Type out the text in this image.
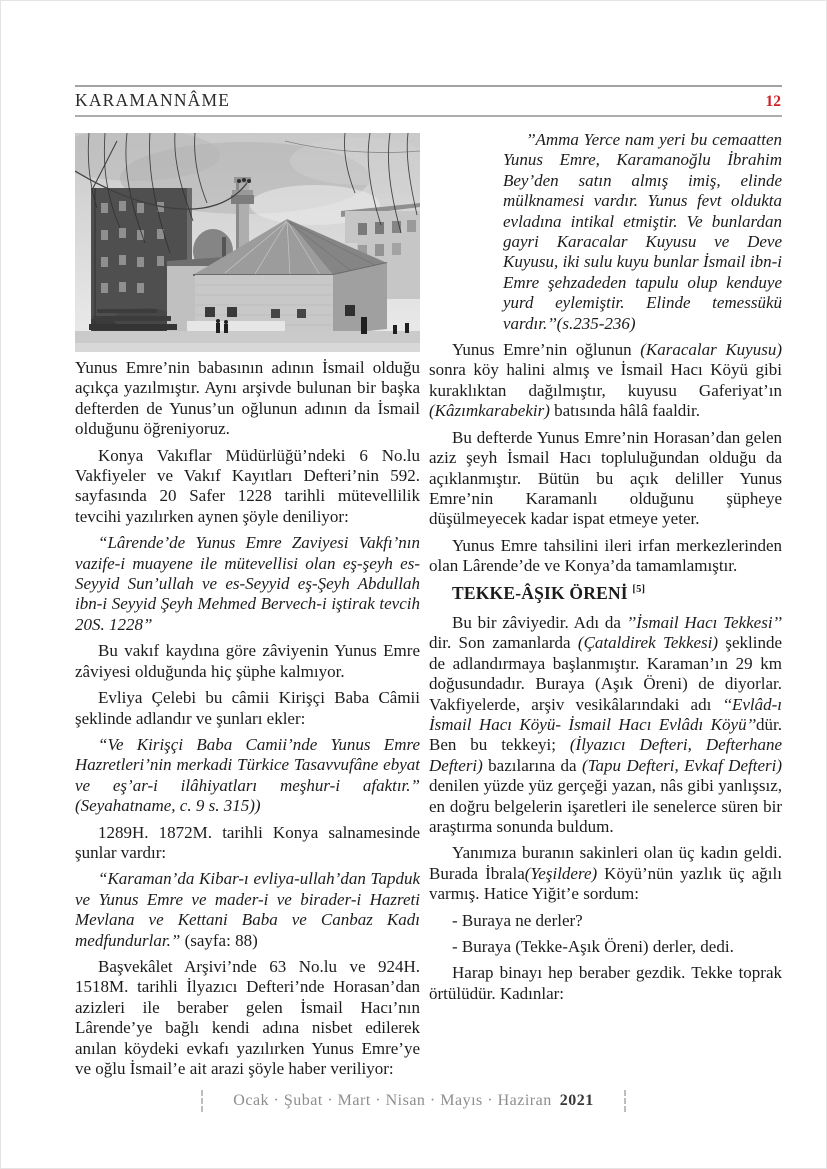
KARAMANNÂME	12

Yunus Emre’nin babasının adının İsmail olduğu açıkça yazılmıştır. Aynı arşivde bulunan bir başka defterden de Yunus’un oğlunun adının da İsmail olduğunu öğreniyoruz.

Konya Vakıflar Müdürlüğü’ndeki 6 No.lu Vakfiyeler ve Vakıf Kayıtları Defteri’nin 592. sayfasında 20 Safer 1228 tarihli mütevellilik tevcihi yazılırken aynen şöyle deniliyor:

“Lârende’de Yunus Emre Zaviyesi Vakfı’nın vazife-i muayene ile mütevellisi olan eş-şeyh es-Seyyid Sun’ullah ve es-Seyyid eş-Şeyh Abdullah ibn-i Seyyid Şeyh Mehmed Bervech-i iştirak tevcih 20S. 1228”

Bu vakıf kaydına göre zâviyenin Yunus Emre zâviyesi olduğunda hiç şüphe kalmıyor.

Evliya Çelebi bu câmii Kirişçi Baba Câmii şeklinde adlandır ve şunları ekler:

“Ve Kirişçi Baba Camii’nde Yunus Emre Hazretleri’nin merkadi Türkice Tasavvufâne ebyat ve eş’ar-i ilâhiyatları meşhur-i afaktır.” (Seyahatname, c. 9 s. 315))

1289H. 1872M. tarihli Konya salnamesinde şunlar vardır:

“Karaman’da Kibar-ı evliya-ullah’dan Tapduk ve Yunus Emre ve mader-i ve birader-i Hazreti Mevlana ve Kettani Baba ve Canbaz Kadı medfundurlar.” (sayfa: 88)

Başvekâlet Arşivi’nde 63 No.lu ve 924H. 1518M. tarihli İlyazıcı Defteri’nde Horasan’dan azizleri ile beraber gelen İsmail Hacı’nın Lârende’ye bağlı kendi adına nisbet edilerek anılan köydeki evkafı yazılırken Yunus Emre’ye ve oğlu İsmail’e ait arazi şöyle haber veriliyor:

’’Amma Yerce nam yeri bu cemaatten Yunus Emre, Karamanoğlu İbrahim Bey’den satın almış imiş, elinde mülknamesi vardır. Yunus fevt oldukta evladına intikal etmiştir. Ve bunlardan gayri Karacalar Kuyusu ve Deve Kuyusu, iki sulu kuyu bunlar İsmail ibn-i Emre şehzadeden tapulu olup kenduye yurd eylemiştir. Elinde temessükü vardır.’’(s.235-236)

Yunus Emre’nin oğlunun (Karacalar Kuyusu) sonra köy halini almış ve İsmail Hacı Köyü gibi kuraklıktan dağılmıştır, kuyusu Gaferiyat’ın (Kâzımkarabekir) batısında hâlâ faaldir.

Bu defterde Yunus Emre’nin Horasan’dan gelen aziz şeyh İsmail Hacı topluluğundan olduğu da açıklanmıştır. Bütün bu açık deliller Yunus Emre’nin Karamanlı olduğunu şüpheye düşülmeyecek kadar ispat etmeye yeter.

Yunus Emre tahsilini ileri irfan merkezlerinden olan Lârende’de ve Konya’da tamamlamıştır.

TEKKE-ÂŞIK ÖRENİ [5]

Bu bir zâviyedir. Adı da ’’İsmail Hacı Tekkesi’’ dir. Son zamanlarda (Çataldirek Tekkesi) şeklinde de adlandırmaya başlanmıştır. Karaman’ın 29 km doğusundadır. Buraya (Aşık Öreni) de diyorlar. Vakfiyelerde, arşiv vesikâlarındaki adı ‘‘Evlâd-ı İsmail Hacı Köyü- İsmail Hacı Evlâdı Köyü’’dür. Ben bu tekkeyi; (İlyazıcı Defteri, Defterhane Defteri) bazılarına da (Tapu Defteri, Evkaf Defteri) denilen yüzde yüz gerçeği yazan, nâs gibi yanlışsız, en doğru belgelerin işaretleri ile senelerce süren bir araştırma sonunda buldum.

Yanımıza buranın sakinleri olan üç kadın geldi. Burada İbrala(Yeşildere) Köyü’nün yazlık üç ağılı varmış. Hatice Yiğit’e sordum:

- Buraya ne derler?

- Buraya (Tekke-Aşık Öreni) derler, dedi.

Harap binayı hep beraber gezdik. Tekke toprak örtülüdür. Kadınlar:

Ocak · Şubat · Mart · Nisan · Mayıs · Haziran 2021
